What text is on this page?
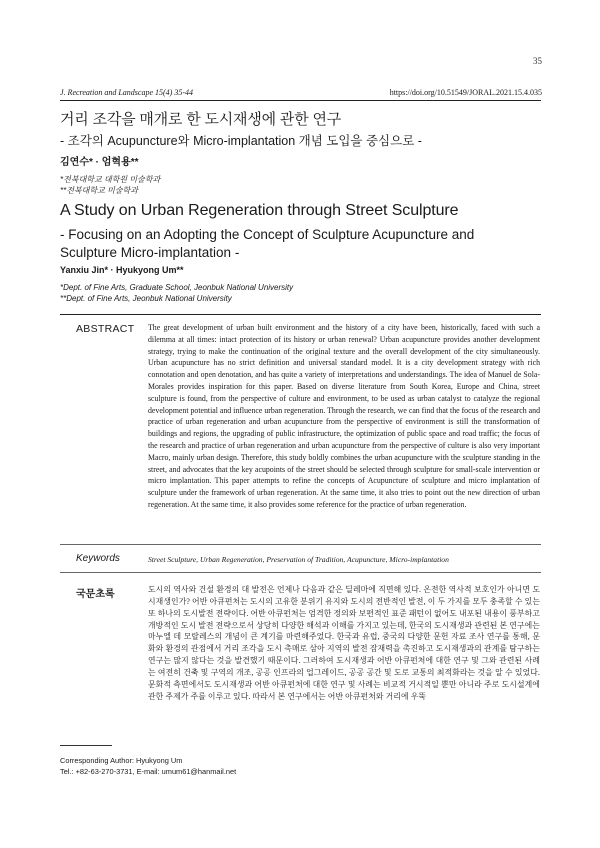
35
J. Recreation and Landscape 15(4) 35-44	https://doi.org/10.51549/JORAL.2021.15.4.035
거리 조각을 매개로 한 도시재생에 관한 연구
- 조각의 Acupuncture와 Micro-implantation 개념 도입을 중심으로 -
김연수* · 엄혁용**
*전북대학교 대학원 미술학과
**전북대학교 미술학과
A Study on Urban Regeneration through Street Sculpture
- Focusing on an Adopting the Concept of Sculpture Acupuncture and Sculpture Micro-implantation -
Yanxiu Jin* · Hyukyong Um**
*Dept. of Fine Arts, Graduate School, Jeonbuk National University
**Dept. of Fine Arts, Jeonbuk National University
ABSTRACT The great development of urban built environment and the history of a city have been, historically, faced with such a dilemma at all times: intact protection of its history or urban renewal? Urban acupuncture provides another development strategy, trying to make the continuation of the original texture and the overall development of the city simultaneously. Urban acupuncture has no strict definition and universal standard model. It is a city development strategy with rich connotation and open denotation, and has quite a variety of interpretations and understandings. The idea of Manuel de Sola-Morales provides inspiration for this paper. Based on diverse literature from South Korea, Europe and China, street sculpture is found, from the perspective of culture and environment, to be used as urban catalyst to catalyze the regional development potential and influence urban regeneration. Through the research, we can find that the focus of the research and practice of urban regeneration and urban acupuncture from the perspective of environment is still the transformation of buildings and regions, the upgrading of public infrastructure, the optimization of public space and road traffic; the focus of the research and practice of urban regeneration and urban acupuncture from the perspective of culture is also very important Macro, mainly urban design. Therefore, this study boldly combines the urban acupuncture with the sculpture standing in the street, and advocates that the key acupoints of the street should be selected through sculpture for small-scale intervention or micro implantation. This paper attempts to refine the concepts of Acupuncture of sculpture and micro implantation of sculpture under the framework of urban regeneration. At the same time, it also tries to point out the new direction of urban regeneration. At the same time, it also provides some reference for the practice of urban regeneration.
Keywords	Street Sculpture, Urban Regeneration, Preservation of Tradition, Acupuncture, Micro-implantation
국문초록	도시의 역사와 건설 환경의 대 발전은 언제나 다음과 같은 딜레마에 직면해 있다. 온전한 역사적 보호인가 아니면 도시재생인가? 어반 아큐펀처는 도시의 고유한 분위기 유지와 도시의 전반적인 발전, 이 두 가지를 모두 충족할 수 있는 또 하나의 도시발전 전략이다. 어반 아큐펀처는 엄격한 정의와 보편적인 표준 패턴이 없어도 내포된 내용이 풍부하고 개방적인 도시 발전 전략으로서 상당히 다양한 해석과 이해를 가지고 있는데, 한국의 도시재생과 관련된 본 연구에는 마누엘 데 모랄레스의 개념이 큰 계기를 마련해주었다. 한국과 유럽, 중국의 다양한 문헌 자료 조사 연구를 통해, 문화와 환경의 관점에서 거리 조각을 도시 촉매로 삼아 지역의 발전 잠재력을 촉진하고 도시재생과의 관계를 탐구하는 연구는 많지 않다는 것을 발견했기 때문이다. 그러하여 도시재생과 어반 아큐펀처에 대한 연구 및 그와 관련된 사례는 여전히 건축 및 구역의 개조, 공공 인프라의 업그레이드, 공공 공간 및 도로 교통의 최적화라는 것을 알 수 있었다. 문화적 측면에서도 도시재생과 어반 아큐펀처에 대한 연구 및 사례는 비교적 거시적일 뿐만 아니라 주로 도시설계에 관한 주제가 주를 이루고 있다. 따라서 본 연구에서는 어반 아큐펀처와 거리에 우뚝
Corresponding Author: Hyukyong Um
Tel.: +82-63-270-3731, E-mail: umum61@hanmail.net
